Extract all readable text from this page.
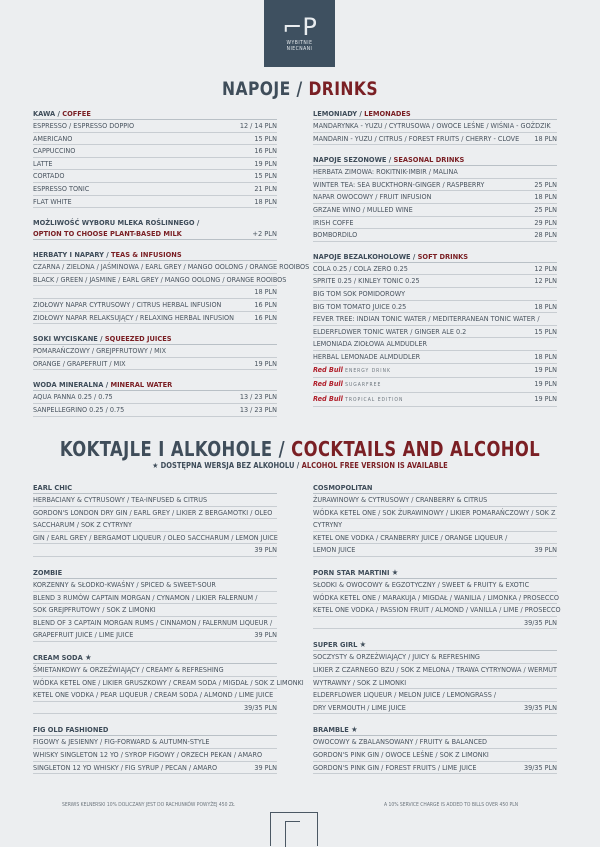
⌐P
WYBITNIE
NIECNANI
NAPOJE / DRINKS
KAWA / COFFEE
ESPRESSO / ESPRESSO DOPPIO	12 / 14 PLN
AMERICANO	15 PLN
CAPPUCCINO	16 PLN
LATTE	19 PLN
CORTADO	15 PLN
ESPRESSO TONIC	21 PLN
FLAT WHITE	18 PLN
MOŻLIWOŚĆ WYBORU MLEKA ROŚLINNEGO /
OPTION TO CHOOSE PLANT-BASED MILK	+2 PLN
HERBATY I NAPARY / TEAS & INFUSIONS
CZARNA / ZIELONA / JAŚMINOWA / EARL GREY / MANGO OOLONG / ORANGE ROOIBOS
BLACK / GREEN / JASMINE / EARL GREY / MANGO OOLONG / ORANGE ROOIBOS
18 PLN
ZIOŁOWY NAPAR CYTRUSOWY / CITRUS HERBAL INFUSION	16 PLN
ZIOŁOWY NAPAR RELAKSUJĄCY / RELAXING HERBAL INFUSION	16 PLN
SOKI WYCISKANE / SQUEEZED JUICES
POMARAŃCZOWY / GREJPFRUTOWY / MIX
ORANGE / GRAPEFRUIT / MIX	19 PLN
WODA MINERALNA / MINERAL WATER
AQUA PANNA 0.25 / 0.75	13 / 23 PLN
SANPELLEGRINO 0.25 / 0.75	13 / 23 PLN
LEMONIADY / LEMONADES
MANDARYNKA - YUZU / CYTRUSOWA / OWOCE LEŚNE / WIŚNIA - GOŹDZIK
MANDARIN - YUZU / CITRUS / FOREST FRUITS / CHERRY - CLOVE	18 PLN
NAPOJE SEZONOWE / SEASONAL DRINKS
HERBATA ZIMOWA: ROKITNIK-IMBIR / MALINA
WINTER TEA: SEA BUCKTHORN-GINGER / RASPBERRY	25 PLN
NAPAR OWOCOWY / FRUIT INFUSION	18 PLN
GRZANE WINO / MULLED WINE	25 PLN
IRISH COFFE	29 PLN
BOMBORDILO	28 PLN
NAPOJE BEZALKOHOLOWE / SOFT DRINKS
COLA 0.25 / COLA ZERO 0.25	12 PLN
SPRITE 0.25 / KINLEY TONIC 0.25	12 PLN
BIG TOM SOK POMIDOROWY
BIG TOM TOMATO JUICE 0.25	18 PLN
FEVER TREE: INDIAN TONIC WATER / MEDITERRANEAN TONIC WATER /
ELDERFLOWER TONIC WATER / GINGER ALE 0.2	15 PLN
LEMONIADA ZIOŁOWA ALMDUDLER
HERBAL LEMONADE ALMDUDLER	18 PLN
Red Bull ENERGY DRINK	19 PLN
Red Bull SUGARFREE	19 PLN
Red Bull TROPICAL EDITION	19 PLN
KOKTAJLE I ALKOHOLE / COCKTAILS AND ALCOHOL
★ DOSTĘPNA WERSJA BEZ ALKOHOLU / ALCOHOL FREE VERSION IS AVAILABLE
EARL CHIC
HERBACIANY & CYTRUSOWY / TEA-INFUSED & CITRUS
GORDON'S LONDON DRY GIN / EARL GREY / LIKIER Z BERGAMOTKI / OLEO
SACCHARUM / SOK Z CYTRYNY
GIN / EARL GREY / BERGAMOT LIQUEUR / OLEO SACCHARUM / LEMON JUICE
39 PLN
ZOMBIE
KORZENNY & SŁODKO-KWAŚNY / SPICED & SWEET-SOUR
BLEND 3 RUMÓW CAPTAIN MORGAN / CYNAMON / LIKIER FALERNUM /
SOK GREJPFRUTOWY / SOK Z LIMONKI
BLEND OF 3 CAPTAIN MORGAN RUMS / CINNAMON / FALERNUM LIQUEUR /
GRAPEFRUIT JUICE / LIME JUICE	39 PLN
CREAM SODA ★
ŚMIETANKOWY & ORZEŹWIAJĄCY / CREAMY & REFRESHING
WÓDKA KETEL ONE / LIKIER GRUSZKOWY / CREAM SODA / MIGDAŁ / SOK Z LIMONKI
KETEL ONE VODKA / PEAR LIQUEUR / CREAM SODA / ALMOND / LIME JUICE
39/35 PLN
FIG OLD FASHIONED
FIGOWY & JESIENNY / FIG-FORWARD & AUTUMN-STYLE
WHISKY SINGLETON 12 YO / SYROP FIGOWY / ORZECH PEKAN / AMARO
SINGLETON 12 YO WHISKY / FIG SYRUP / PECAN / AMARO	39 PLN
COSMOPOLITAN
ŻURAWINOWY & CYTRUSOWY / CRANBERRY & CITRUS
WÓDKA KETEL ONE / SOK ŻURAWINOWY / LIKIER POMARAŃCZOWY / SOK Z
CYTRYNY
KETEL ONE VODKA / CRANBERRY JUICE / ORANGE LIQUEUR /
LEMON JUICE	39 PLN
PORN STAR MARTINI ★
SŁODKI & OWOCOWY & EGZOTYCZNY / SWEET & FRUITY & EXOTIC
WÓDKA KETEL ONE / MARAKUJA / MIGDAŁ / WANILIA / LIMONKA / PROSECCO
KETEL ONE VODKA / PASSION FRUIT / ALMOND / VANILLA / LIME / PROSECCO
39/35 PLN
SUPER GIRL ★
SOCZYSTY & ORZEŹWIAJĄCY / JUICY & REFRESHING
LIKIER Z CZARNEGO BZU / SOK Z MELONA / TRAWA CYTRYNOWA / WERMUT
WYTRAWNY / SOK Z LIMONKI
ELDERFLOWER LIQUEUR / MELON JUICE / LEMONGRASS /
DRY VERMOUTH / LIME JUICE	39/35 PLN
BRAMBLE ★
OWOCOWY & ZBALANSOWANY / FRUITY & BALANCED
GORDON'S PINK GIN / OWOCE LEŚNE / SOK Z LIMONKI
GORDON'S PINK GIN / FOREST FRUITS / LIME JUICE	39/35 PLN
SERWIS KELNERSKI 10% DOLICZANY JEST DO RACHUNKÓW POWYŻEJ 450 ZŁ	A 10% SERVICE CHARGE IS ADDED TO BILLS OVER 450 PLN
